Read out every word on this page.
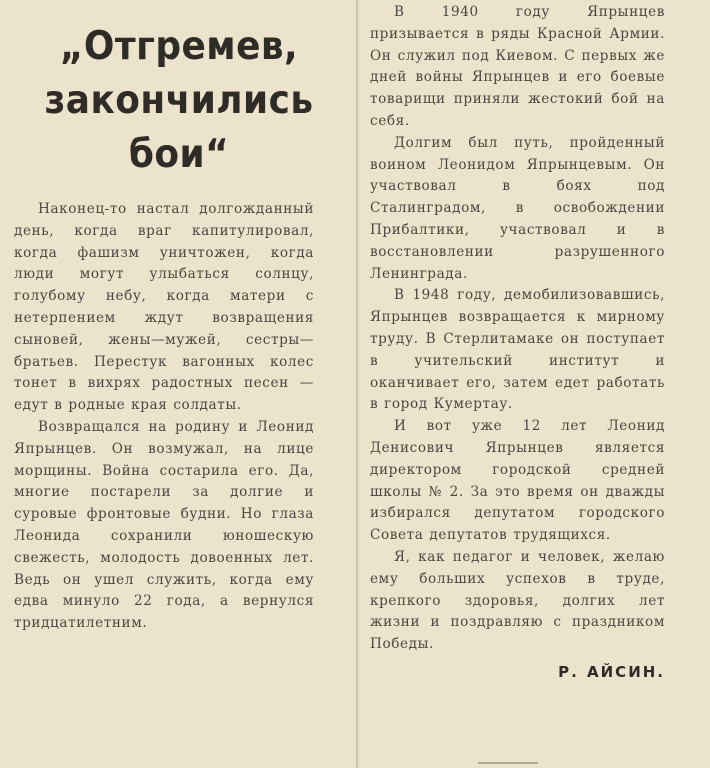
„Отгремев,
закончились
бои“

Наконец-то настал долгожданный день, когда враг капитулировал, когда фашизм уничтожен, когда люди могут улыбаться солнцу, голубому небу, когда матери с нетерпением ждут возвращения сыновей, жены—мужей, сестры—братьев. Перестук вагонных колес тонет в вихрях радостных песен — едут в родные края солдаты.

Возвращался на родину и Леонид Япрынцев. Он возмужал, на лице морщины. Война состарила его. Да, многие постарели за долгие и суровые фронтовые будни. Но глаза Леонида сохранили юношескую свежесть, молодость довоенных лет. Ведь он ушел служить, когда ему едва минуло 22 года, а вернулся тридцатилетним.

В 1940 году Япрынцев призывается в ряды Красной Армии. Он служил под Киевом. С первых же дней войны Япрынцев и его боевые товарищи приняли жестокий бой на себя.

Долгим был путь, пройденный воином Леонидом Япрынцевым. Он участвовал в боях под Сталинградом, в освобождении Прибалтики, участвовал и в восстановлении разрушенного Ленинграда.

В 1948 году, демобилизовавшись, Япрынцев возвращается к мирному труду. В Стерлитамаке он поступает в учительский институт и оканчивает его, затем едет работать в город Кумертау.

И вот уже 12 лет Леонид Денисович Япрынцев является директором городской средней школы № 2. За это время он дважды избирался депутатом городского Совета депутатов трудящихся.

Я, как педагог и человек, желаю ему больших успехов в труде, крепкого здоровья, долгих лет жизни и поздравляю с праздником Победы.

Р. АЙСИН.
